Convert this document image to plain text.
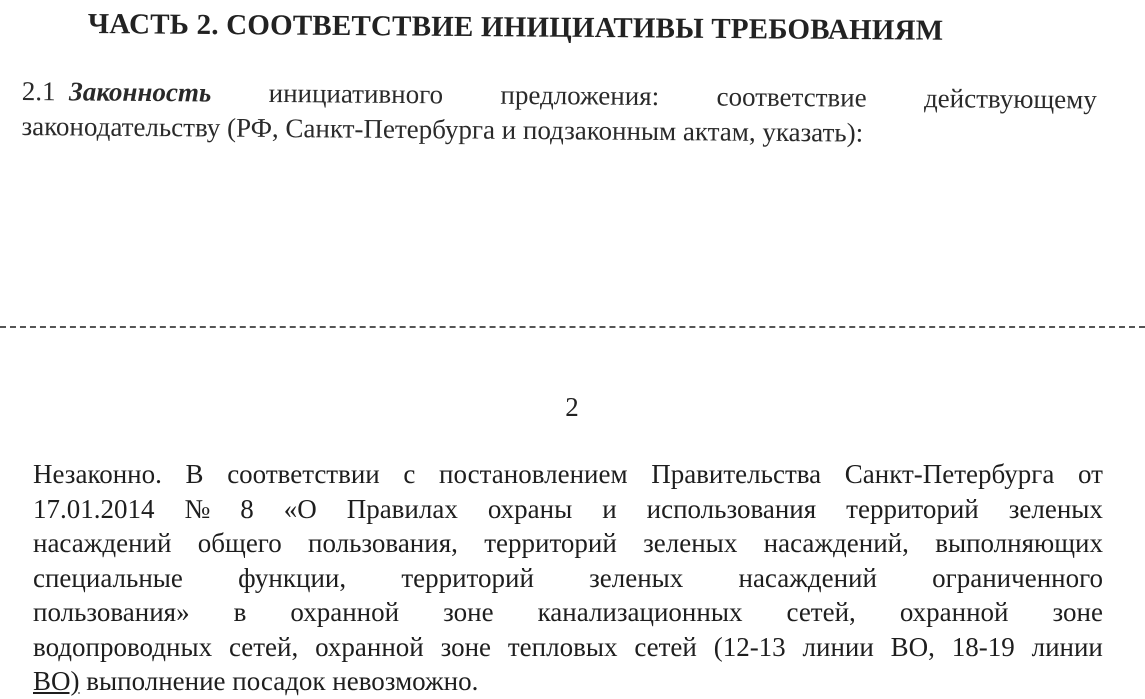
ЧАСТЬ 2. СООТВЕТСТВИЕ ИНИЦИАТИВЫ ТРЕБОВАНИЯМ
2.1 Законность инициативного предложения: соответствие действующему
законодательству (РФ, Санкт-Петербурга и подзаконным актам, указать):
2
Незаконно. В соответствии с постановлением Правительства Санкт-Петербурга от
17.01.2014 № 8 «О Правилах охраны и использования территорий зеленых
насаждений общего пользования, территорий зеленых насаждений, выполняющих
специальные функции, территорий зеленых насаждений ограниченного
пользования» в охранной зоне канализационных сетей, охранной зоне
водопроводных сетей, охранной зоне тепловых сетей (12-13 линии ВО, 18-19 линии
ВО) выполнение посадок невозможно.
